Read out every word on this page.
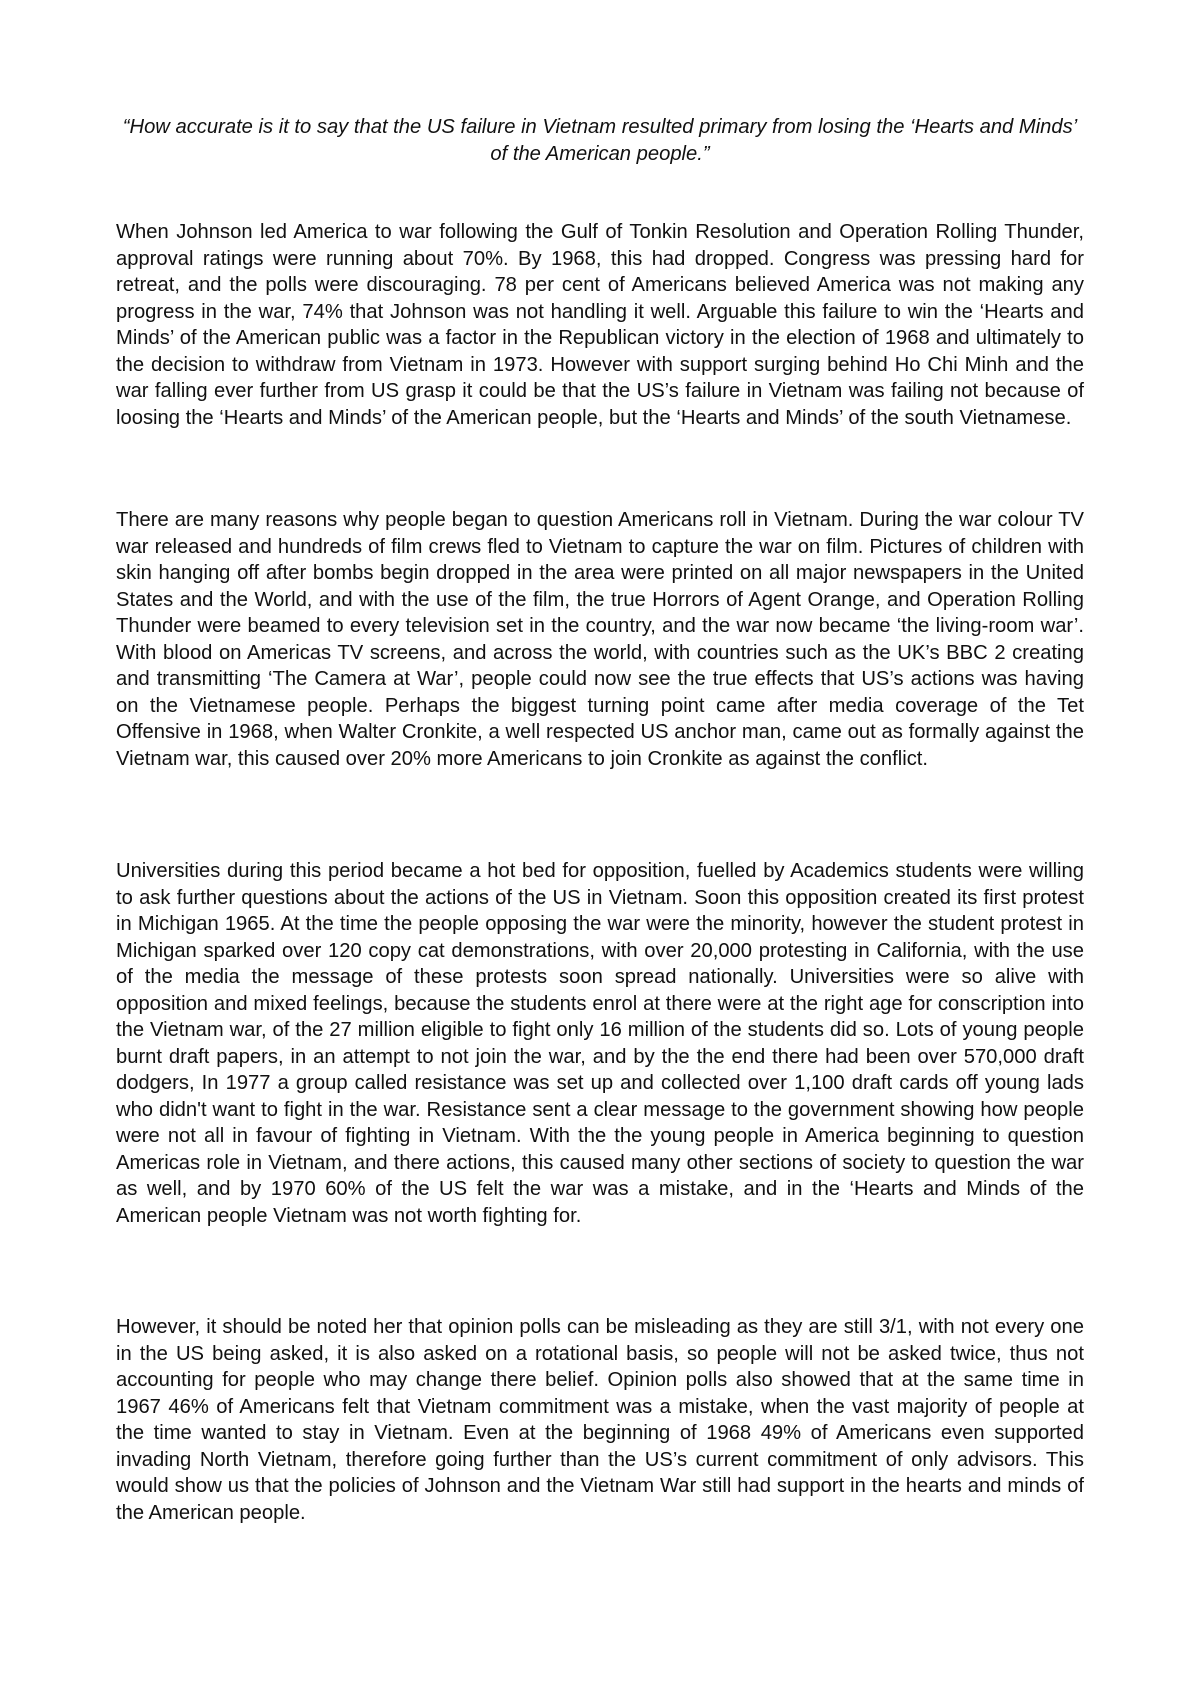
“How accurate is it to say that the US failure in Vietnam resulted primary from losing the ‘Hearts and Minds’ of the American people.”

When Johnson led America to war following the Gulf of Tonkin Resolution and Operation Rolling Thunder, approval ratings were running about 70%. By 1968, this had dropped. Congress was pressing hard for retreat, and the polls were discouraging. 78 per cent of Americans believed America was not making any progress in the war, 74% that Johnson was not handling it well. Arguable this failure to win the ‘Hearts and Minds’ of the American public was a factor in the Republican victory in the election of 1968 and ultimately to the decision to withdraw from Vietnam in 1973. However with support surging behind Ho Chi Minh and the war falling ever further from US grasp it could be that the US’s failure in Vietnam was failing not because of loosing the ‘Hearts and Minds’ of the American people, but the ‘Hearts and Minds’ of the south Vietnamese.

There are many reasons why people began to question Americans roll in Vietnam. During the war colour TV war released and hundreds of film crews fled to Vietnam to capture the war on film. Pictures of children with skin hanging off after bombs begin dropped in the area were printed on all major newspapers in the United States and the World, and with the use of the film, the true Horrors of Agent Orange, and Operation Rolling Thunder were beamed to every television set in the country, and the war now became ‘the living-room war’. With blood on Americas TV screens, and across the world, with countries such as the UK’s BBC 2 creating and transmitting ‘The Camera at War’, people could now see the true effects that US’s actions was having on the Vietnamese people. Perhaps the biggest turning point came after media coverage of the Tet Offensive in 1968, when Walter Cronkite, a well respected US anchor man, came out as formally against the Vietnam war, this caused over 20% more Americans to join Cronkite as against the conflict.

Universities during this period became a hot bed for opposition, fuelled by Academics students were willing to ask further questions about the actions of the US in Vietnam. Soon this opposition created its first protest in Michigan 1965. At the time the people opposing the war were the minority, however the student protest in Michigan sparked over 120 copy cat demonstrations, with over 20,000 protesting in California, with the use of the media the message of these protests soon spread nationally. Universities were so alive with opposition and mixed feelings, because the students enrol at there were at the right age for conscription into the Vietnam war, of the 27 million eligible to fight only 16 million of the students did so. Lots of young people burnt draft papers, in an attempt to not join the war, and by the the end there had been over 570,000 draft dodgers, In 1977 a group called resistance was set up and collected over 1,100 draft cards off young lads who didn't want to fight in the war. Resistance sent a clear message to the government showing how people were not all in favour of fighting in Vietnam. With the the young people in America beginning to question Americas role in Vietnam, and there actions, this caused many other sections of society to question the war as well, and by 1970 60% of the US felt the war was a mistake, and in the ‘Hearts and Minds of the American people Vietnam was not worth fighting for.

However, it should be noted her that opinion polls can be misleading as they are still 3/1, with not every one in the US being asked, it is also asked on a rotational basis, so people will not be asked twice, thus not accounting for people who may change there belief. Opinion polls also showed that at the same time in 1967 46% of Americans felt that Vietnam commitment was a mistake, when the vast majority of people at the time wanted to stay in Vietnam. Even at the beginning of 1968 49% of Americans even supported invading North Vietnam, therefore going further than the US’s current commitment of only advisors. This would show us that the policies of Johnson and the Vietnam War still had support in the hearts and minds of the American people.
